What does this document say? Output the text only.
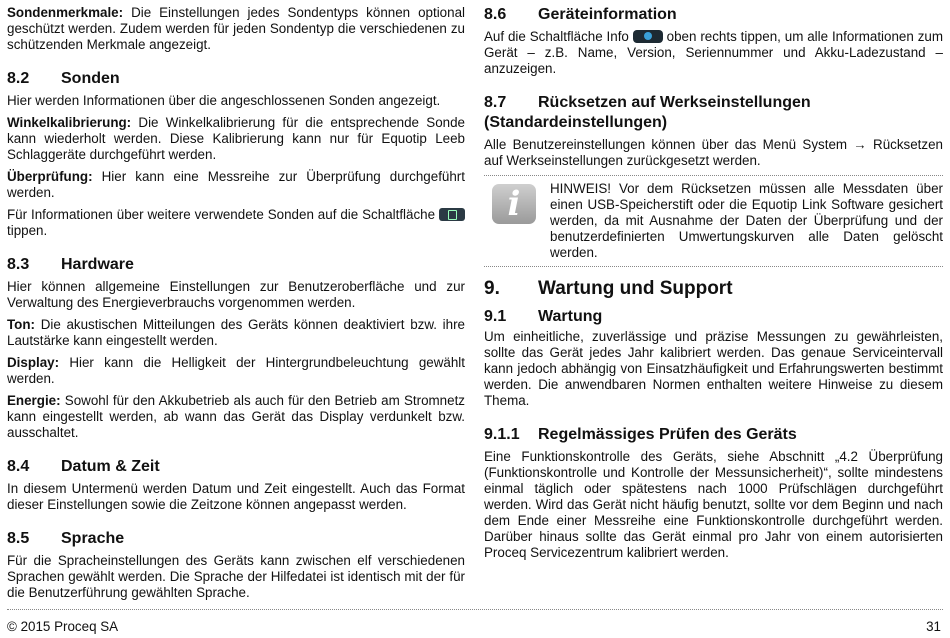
Sondenmerkmale: Die Einstellungen jedes Sondentyps können optional geschützt werden. Zudem werden für jeden Sondentyp die verschiedenen zu schützenden Merkmale angezeigt.

8.2 Sonden

Hier werden Informationen über die angeschlossenen Sonden angezeigt.

Winkelkalibrierung: Die Winkelkalibrierung für die entsprechende Sonde kann wiederholt werden. Diese Kalibrierung kann nur für Equotip Leeb Schlaggeräte durchgeführt werden.

Überprüfung: Hier kann eine Messreihe zur Überprüfung durchgeführt werden.

Für Informationen über weitere verwendete Sonden auf die Schaltfläche  tippen.

8.3 Hardware

Hier können allgemeine Einstellungen zur Benutzeroberfläche und zur Verwaltung des Energieverbrauchs vorgenommen werden.

Ton: Die akustischen Mitteilungen des Geräts können deaktiviert bzw. ihre Lautstärke kann eingestellt werden.

Display: Hier kann die Helligkeit der Hintergrundbeleuchtung gewählt werden.

Energie: Sowohl für den Akkubetrieb als auch für den Betrieb am Stromnetz kann eingestellt werden, ab wann das Gerät das Display verdunkelt bzw. ausschaltet.

8.4 Datum & Zeit

In diesem Untermenü werden Datum und Zeit eingestellt. Auch das Format dieser Einstellungen sowie die Zeitzone können angepasst werden.

8.5 Sprache

Für die Spracheinstellungen des Geräts kann zwischen elf verschiedenen Sprachen gewählt werden. Die Sprache der Hilfedatei ist identisch mit der für die Benutzerführung gewählten Sprache.

8.6 Geräteinformation

Auf die Schaltfläche Info	oben rechts tippen, um alle Informationen zum Gerät – z.B. Name, Version, Seriennummer und Akku-Ladezustand – anzuzeigen.

8.7 Rücksetzen auf Werkseinstellungen (Standardeinstellungen)

Alle Benutzereinstellungen können über das Menü System → Rücksetzen auf Werkseinstellungen zurückgesetzt werden.

i	HINWEIS! Vor dem Rücksetzen müssen alle Messdaten über einen USB-Speicherstift oder die Equotip Link Software gesichert werden, da mit Ausnahme der Daten der Überprüfung und der benutzerdefinierten Umwertungskurven alle Daten gelöscht werden.

9. Wartung und Support
9.1 Wartung

Um einheitliche, zuverlässige und präzise Messungen zu gewährleisten, sollte das Gerät jedes Jahr kalibriert werden. Das genaue Serviceintervall kann jedoch abhängig von Einsatzhäufigkeit und Erfahrungswerten bestimmt werden. Die anwendbaren Normen enthalten weitere Hinweise zu diesem Thema.

9.1.1 Regelmässiges Prüfen des Geräts

Eine Funktionskontrolle des Geräts, siehe Abschnitt „4.2 Überprüfung (Funktionskontrolle und Kontrolle der Messunsicherheit)“, sollte mindestens einmal täglich oder spätestens nach 1000 Prüfschlägen durchgeführt werden. Wird das Gerät nicht häufig benutzt, sollte vor dem Beginn und nach dem Ende einer Messreihe eine Funktionskontrolle durchgeführt werden. Darüber hinaus sollte das Gerät einmal pro Jahr von einem autorisierten Proceq Servicezentrum kalibriert werden.

© 2015 Proceq SA	31
